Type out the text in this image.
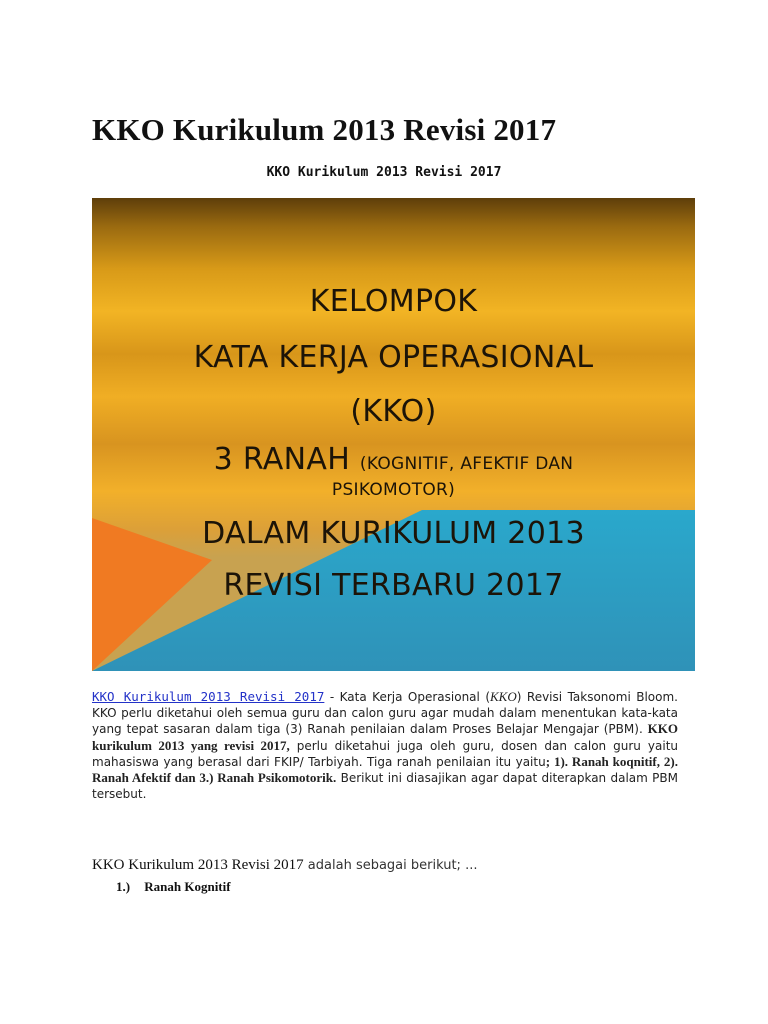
KKO Kurikulum 2013 Revisi 2017
KKO Kurikulum 2013 Revisi 2017
KELOMPOK
KATA KERJA OPERASIONAL
(KKO)
3 RANAH (KOGNITIF, AFEKTIF DAN
PSIKOMOTOR)
DALAM KURIKULUM 2013
REVISI TERBARU 2017

KKO Kurikulum 2013 Revisi 2017 - Kata Kerja Operasional (KKO) Revisi Taksonomi Bloom. KKO perlu diketahui oleh semua guru dan calon guru agar mudah dalam menentukan kata-kata yang tepat sasaran dalam tiga (3) Ranah penilaian dalam Proses Belajar Mengajar (PBM). KKO kurikulum 2013 yang revisi 2017, perlu diketahui juga oleh guru, dosen dan calon guru yaitu mahasiswa yang berasal dari FKIP/ Tarbiyah. Tiga ranah penilaian itu yaitu; 1). Ranah koqnitif, 2). Ranah Afektif dan 3.) Ranah Psikomotorik. Berikut ini diasajikan agar dapat diterapkan dalam PBM tersebut.

KKO Kurikulum 2013 Revisi 2017 adalah sebagai berikut; ...
1.) Ranah Kognitif
